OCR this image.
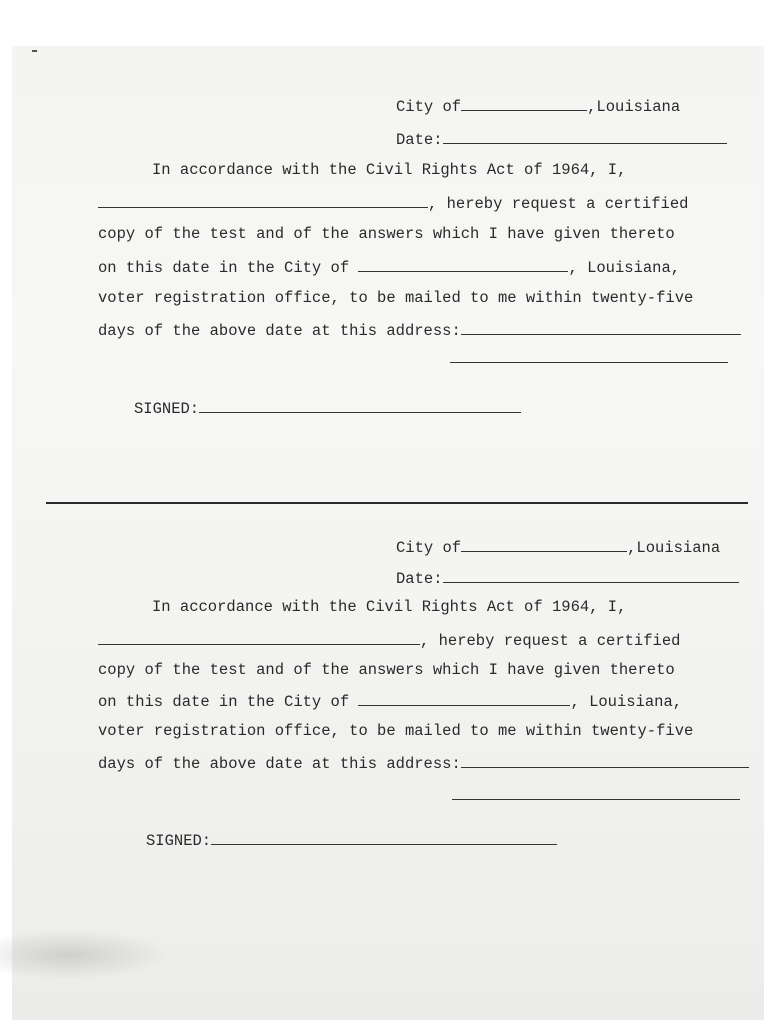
City of	,Louisiana
Date:
In accordance with the Civil Rights Act of 1964, I,
, hereby request a certified
copy of the test and of the answers which I have given thereto
on this date in the City of	, Louisiana,
voter registration office, to be mailed to me within twenty-five
days of the above date at this address:
SIGNED:
City of	,Louisiana
Date:
In accordance with the Civil Rights Act of 1964, I,
, hereby request a certified
copy of the test and of the answers which I have given thereto
on this date in the City of	, Louisiana,
voter registration office, to be mailed to me within twenty-five
days of the above date at this address:
SIGNED:
